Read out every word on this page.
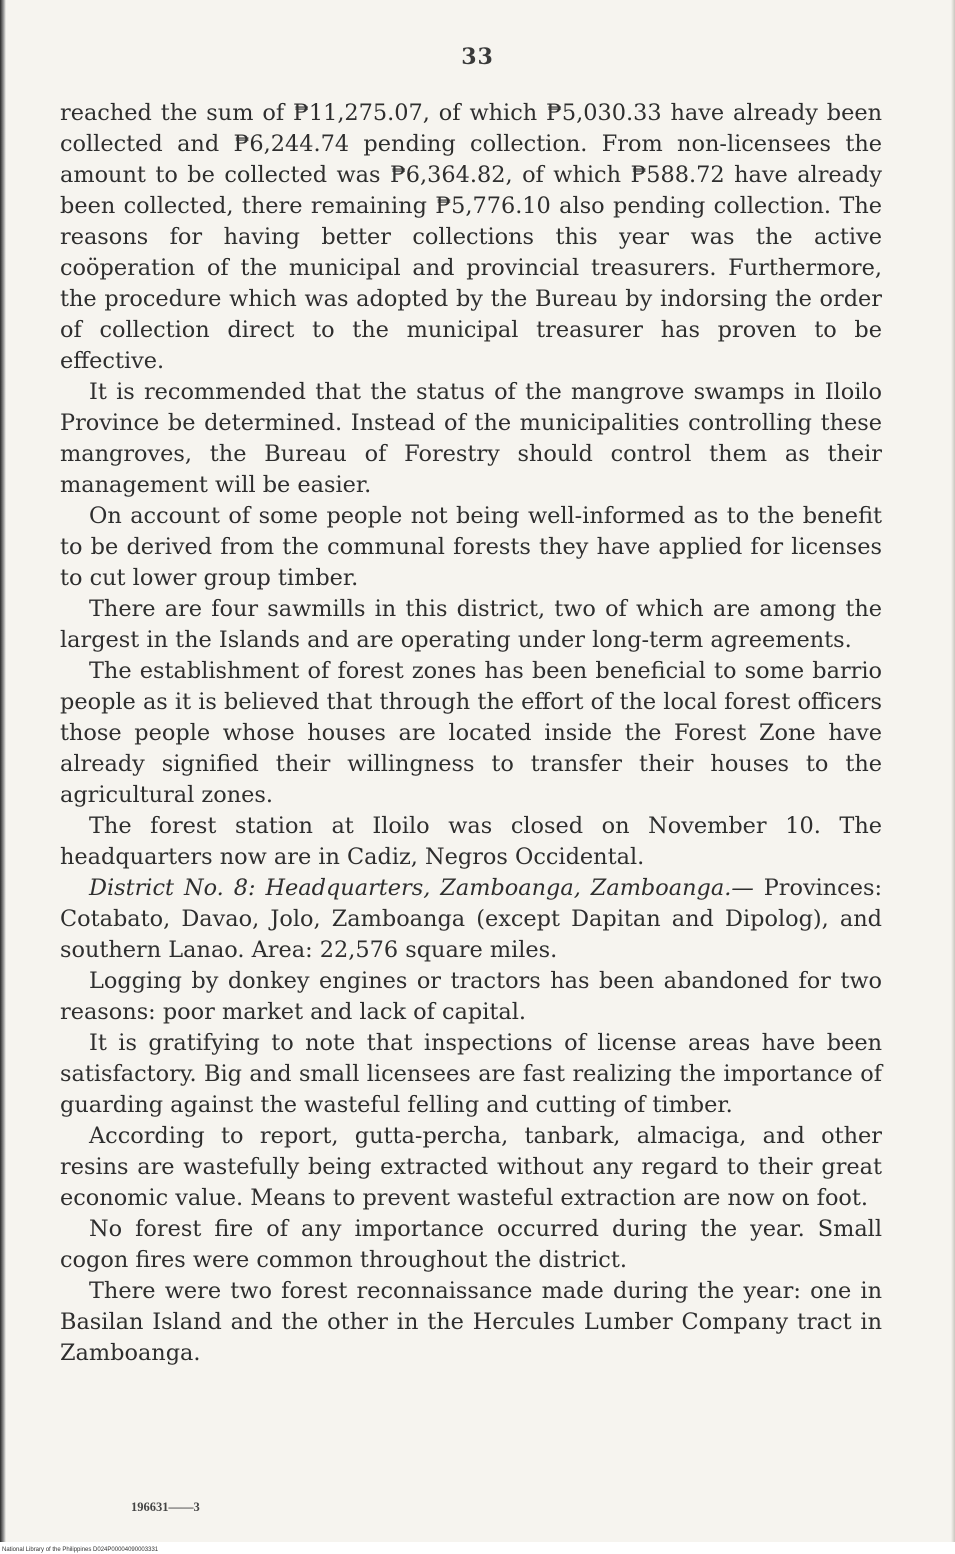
33

reached the sum of ₱11,275.07, of which ₱5,030.33 have already been collected and ₱6,244.74 pending collection. From non-licensees the amount to be collected was ₱6,364.82, of which ₱588.72 have already been collected, there remaining ₱5,776.10 also pending collection. The reasons for having better collections this year was the active coöperation of the municipal and provincial treasurers. Furthermore, the procedure which was adopted by the Bureau by indorsing the order of collection direct to the municipal treasurer has proven to be effective.

It is recommended that the status of the mangrove swamps in Iloilo Province be determined. Instead of the municipalities controlling these mangroves, the Bureau of Forestry should control them as their management will be easier.

On account of some people not being well-informed as to the benefit to be derived from the communal forests they have applied for licenses to cut lower group timber.

There are four sawmills in this district, two of which are among the largest in the Islands and are operating under long-term agreements.

The establishment of forest zones has been beneficial to some barrio people as it is believed that through the effort of the local forest officers those people whose houses are located inside the Forest Zone have already signified their willingness to transfer their houses to the agricultural zones.

The forest station at Iloilo was closed on November 10. The headquarters now are in Cadiz, Negros Occidental.

District No. 8: Headquarters, Zamboanga, Zamboanga.— Provinces: Cotabato, Davao, Jolo, Zamboanga (except Dapitan and Dipolog), and southern Lanao. Area: 22,576 square miles.

Logging by donkey engines or tractors has been abandoned for two reasons: poor market and lack of capital.

It is gratifying to note that inspections of license areas have been satisfactory. Big and small licensees are fast realizing the importance of guarding against the wasteful felling and cutting of timber.

According to report, gutta-percha, tanbark, almaciga, and other resins are wastefully being extracted without any regard to their great economic value. Means to prevent wasteful extraction are now on foot.

No forest fire of any importance occurred during the year. Small cogon fires were common throughout the district.

There were two forest reconnaissance made during the year: one in Basilan Island and the other in the Hercules Lumber Company tract in Zamboanga.

196631——3
National Library of the Philippines D024P00004090003331
